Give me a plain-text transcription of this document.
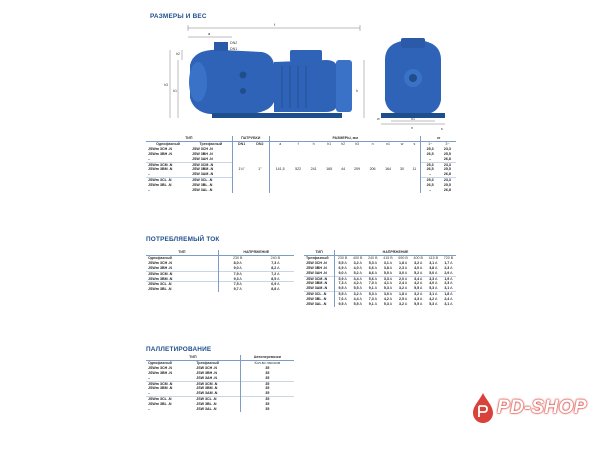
РАЗМЕРЫ И ВЕС
f
a
h3
h1
h2
h
DN2
DN1
n
n1
w
s
ТИП		ПАТРУБКИ		РАЗМЕРЫ, мм										кг	
Однофазный	Трехфазный	DN1	DN2	a	f	h	h1	h2	h3	n	n1	w	s	1~	3~
JSWm 3CH -N	JSW 3CH -N	1¼"	1"	141,5	522	241	165	44	209	206	164	30	11	25,3	23,3
JSWm 3BH -N	JSW 3BH -N													26,5	25,5
–	JSW 3AH -N													–	26,8
JSWm 3CM -N	JSW 3CM -N													25,3	23,3
JSWm 3BM -N	JSW 3BM -N													26,5	25,5
–	JSW 3AM -N													–	26,8
JSWm 3CL -N	JSW 3CL -N													25,3	23,3
JSWm 3BL -N	JSW 3BL -N													26,5	25,5
–	JSW 3AL -N													–	26,8
ПОТРЕБЛЯЕМЫЙ ТОК
ТИП	НАПРЯЖЕНИЕ	
Однофазный	230 В	240 В
JSWm 3CH -N	8,0 A	7,3 A
JSWm 3BH -N	9,0 A	8,2 A
JSWm 3CM -N	7,9 A	7,2 A
JSWm 3BM -N	9,3 A	8,5 A
JSWm 3CL -N	7,5 A	6,9 A
JSWm 3BL -N	9,7 A	8,8 A
ТИП	НАПРЯЖЕНИЕ							
Трехфазный	230 В	400 В	240 В	415 В	690 В	400 В	415 В	720 В
JSW 3CH -N	5,5 A	3,2 A	5,3 A	3,1 A	1,8 A	3,2 A	3,1 A	1,7 A
JSW 3BH -N	6,9 A	4,0 A	6,6 A	3,8 A	2,3 A	4,0 A	3,8 A	2,3 A
JSW 3AH -N	9,0 A	5,2 A	8,6 A	5,0 A	3,0 A	5,2 A	5,0 A	2,9 A
JSW 3CM -N	5,9 A	3,4 A	5,6 A	3,3 A	2,0 A	3,4 A	3,3 A	1,9 A
JSW 3BM -N	7,3 A	4,2 A	7,0 A	4,1 A	2,4 A	4,2 A	4,0 A	2,3 A
JSW 3AM -N	9,5 A	5,5 A	9,1 A	5,3 A	3,2 A	5,5 A	5,3 A	3,1 A
JSW 3CL -N	5,5 A	3,2 A	5,3 A	3,0 A	1,8 A	3,2 A	3,1 A	1,8 A
JSW 3BL -N	7,6 A	4,4 A	7,3 A	4,2 A	2,5 A	4,3 A	4,2 A	2,4 A
JSW 3AL -N	9,5 A	5,5 A	9,1 A	5,3 A	3,2 A	5,5 A	5,3 A	3,1 A
ПАЛЛЕТИРОВАНИЕ
ТИП		Автоперевозки
Однофазный	Трехфазный	Кол-во насосов
JSWm 3CH -N	JSW 3CH -N	35
JSWm 3BH -N	JSW 3BH -N	35
–	JSW 3AH -N	35
JSWm 3CM -N	JSW 3CM -N	35
JSWm 3BM -N	JSW 3BM -N	35
–	JSW 3AM -N	35
JSWm 3CL -N	JSW 3CL -N	35
JSWm 3BL -N	JSW 3BL -N	35
–	JSW 3AL -N	35	PD-SHOP
